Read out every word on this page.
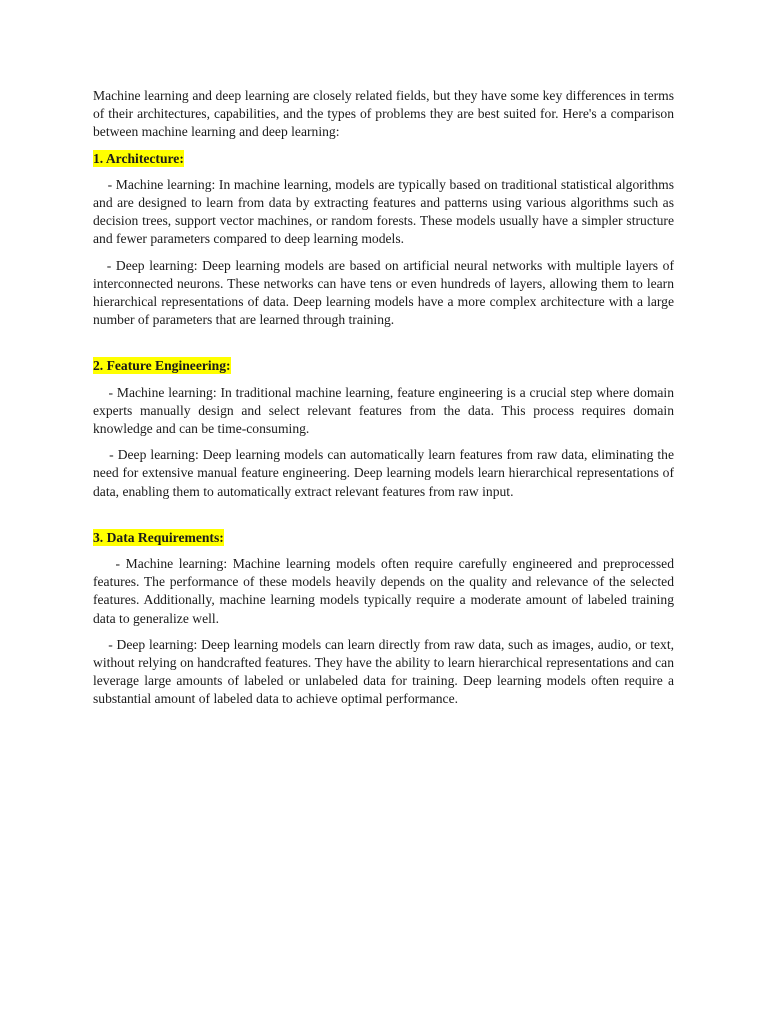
Machine learning and deep learning are closely related fields, but they have some key differences in terms of their architectures, capabilities, and the types of problems they are best suited for. Here's a comparison between machine learning and deep learning:

1. Architecture:

- Machine learning: In machine learning, models are typically based on traditional statistical algorithms and are designed to learn from data by extracting features and patterns using various algorithms such as decision trees, support vector machines, or random forests. These models usually have a simpler structure and fewer parameters compared to deep learning models.

- Deep learning: Deep learning models are based on artificial neural networks with multiple layers of interconnected neurons. These networks can have tens or even hundreds of layers, allowing them to learn hierarchical representations of data. Deep learning models have a more complex architecture with a large number of parameters that are learned through training.

2. Feature Engineering:

- Machine learning: In traditional machine learning, feature engineering is a crucial step where domain experts manually design and select relevant features from the data. This process requires domain knowledge and can be time-consuming.

- Deep learning: Deep learning models can automatically learn features from raw data, eliminating the need for extensive manual feature engineering. Deep learning models learn hierarchical representations of data, enabling them to automatically extract relevant features from raw input.

3. Data Requirements:

- Machine learning: Machine learning models often require carefully engineered and preprocessed features. The performance of these models heavily depends on the quality and relevance of the selected features. Additionally, machine learning models typically require a moderate amount of labeled training data to generalize well.

- Deep learning: Deep learning models can learn directly from raw data, such as images, audio, or text, without relying on handcrafted features. They have the ability to learn hierarchical representations and can leverage large amounts of labeled or unlabeled data for training. Deep learning models often require a substantial amount of labeled data to achieve optimal performance.
